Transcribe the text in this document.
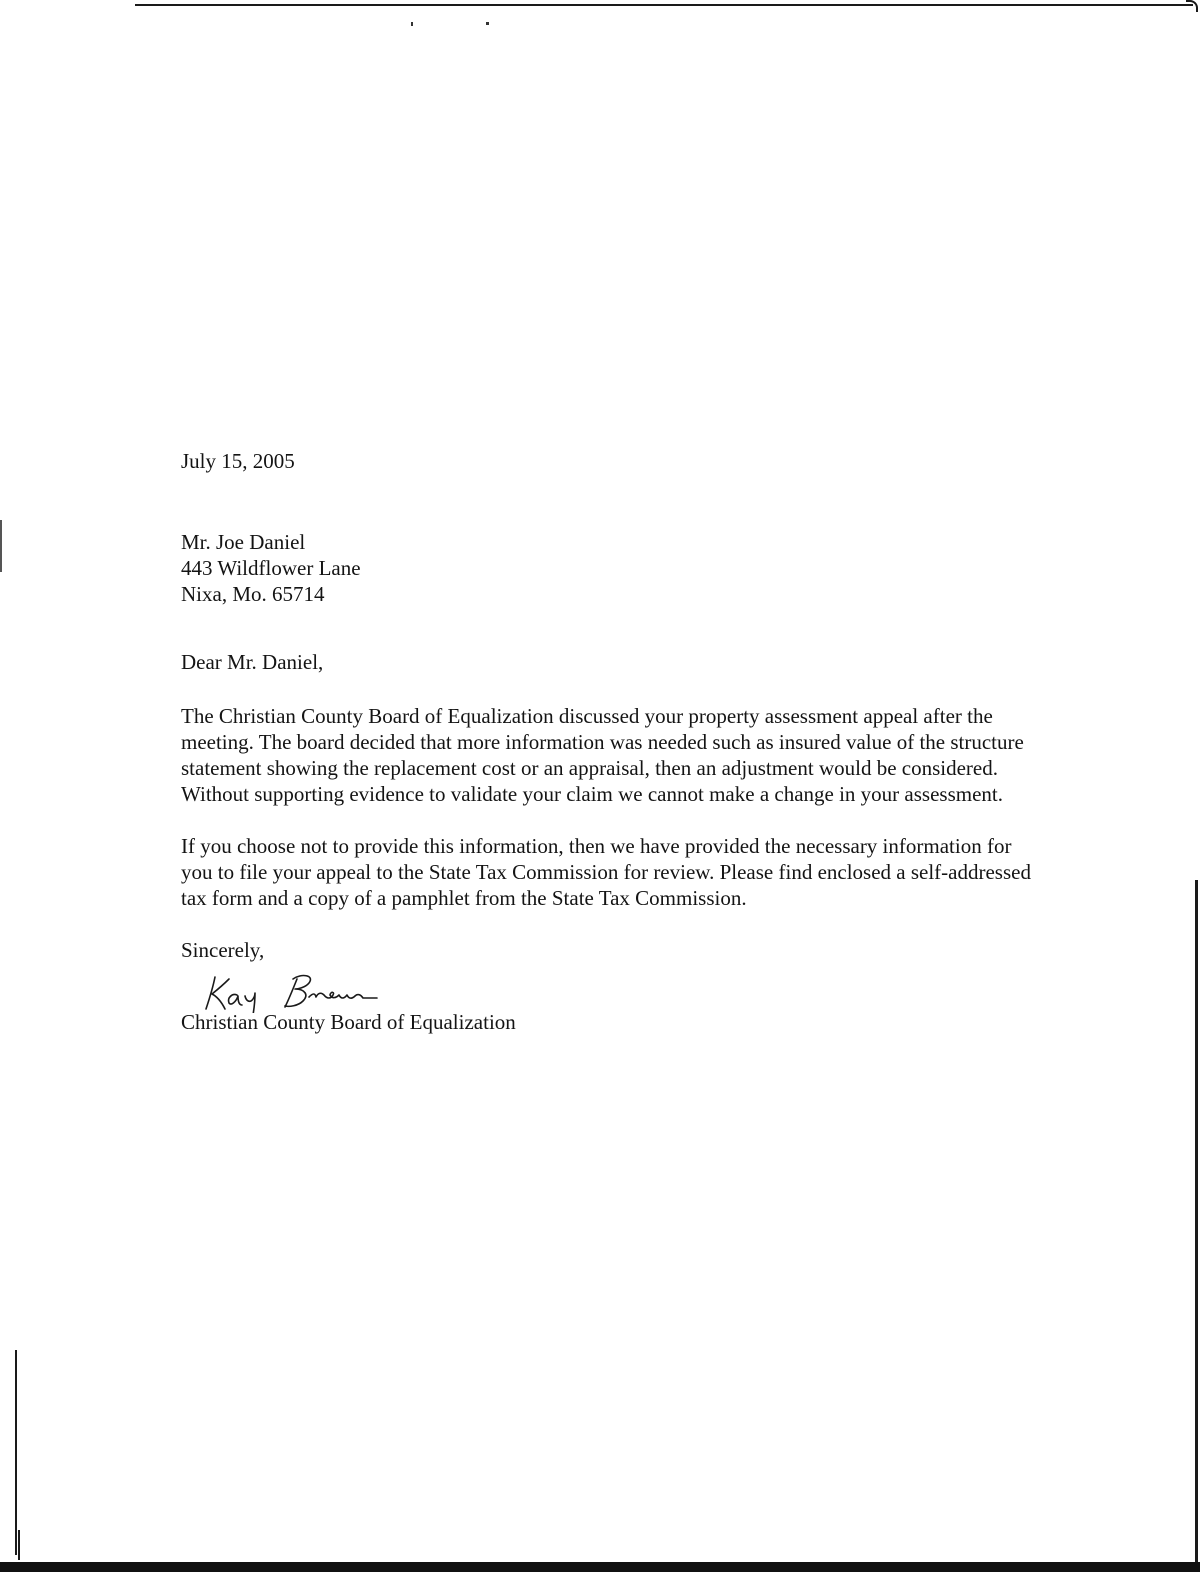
July 15, 2005

Mr. Joe Daniel
443 Wildflower Lane
Nixa, Mo. 65714

Dear Mr. Daniel,

The Christian County Board of Equalization discussed your property assessment appeal after the meeting. The board decided that more information was needed such as insured value of the structure statement showing the replacement cost or an appraisal, then an adjustment would be considered. Without supporting evidence to validate your claim we cannot make a change in your assessment.

If you choose not to provide this information, then we have provided the necessary information for you to file your appeal to the State Tax Commission for review. Please find enclosed a self-addressed tax form and a copy of a pamphlet from the State Tax Commission.

Sincerely,

Christian County Board of Equalization
